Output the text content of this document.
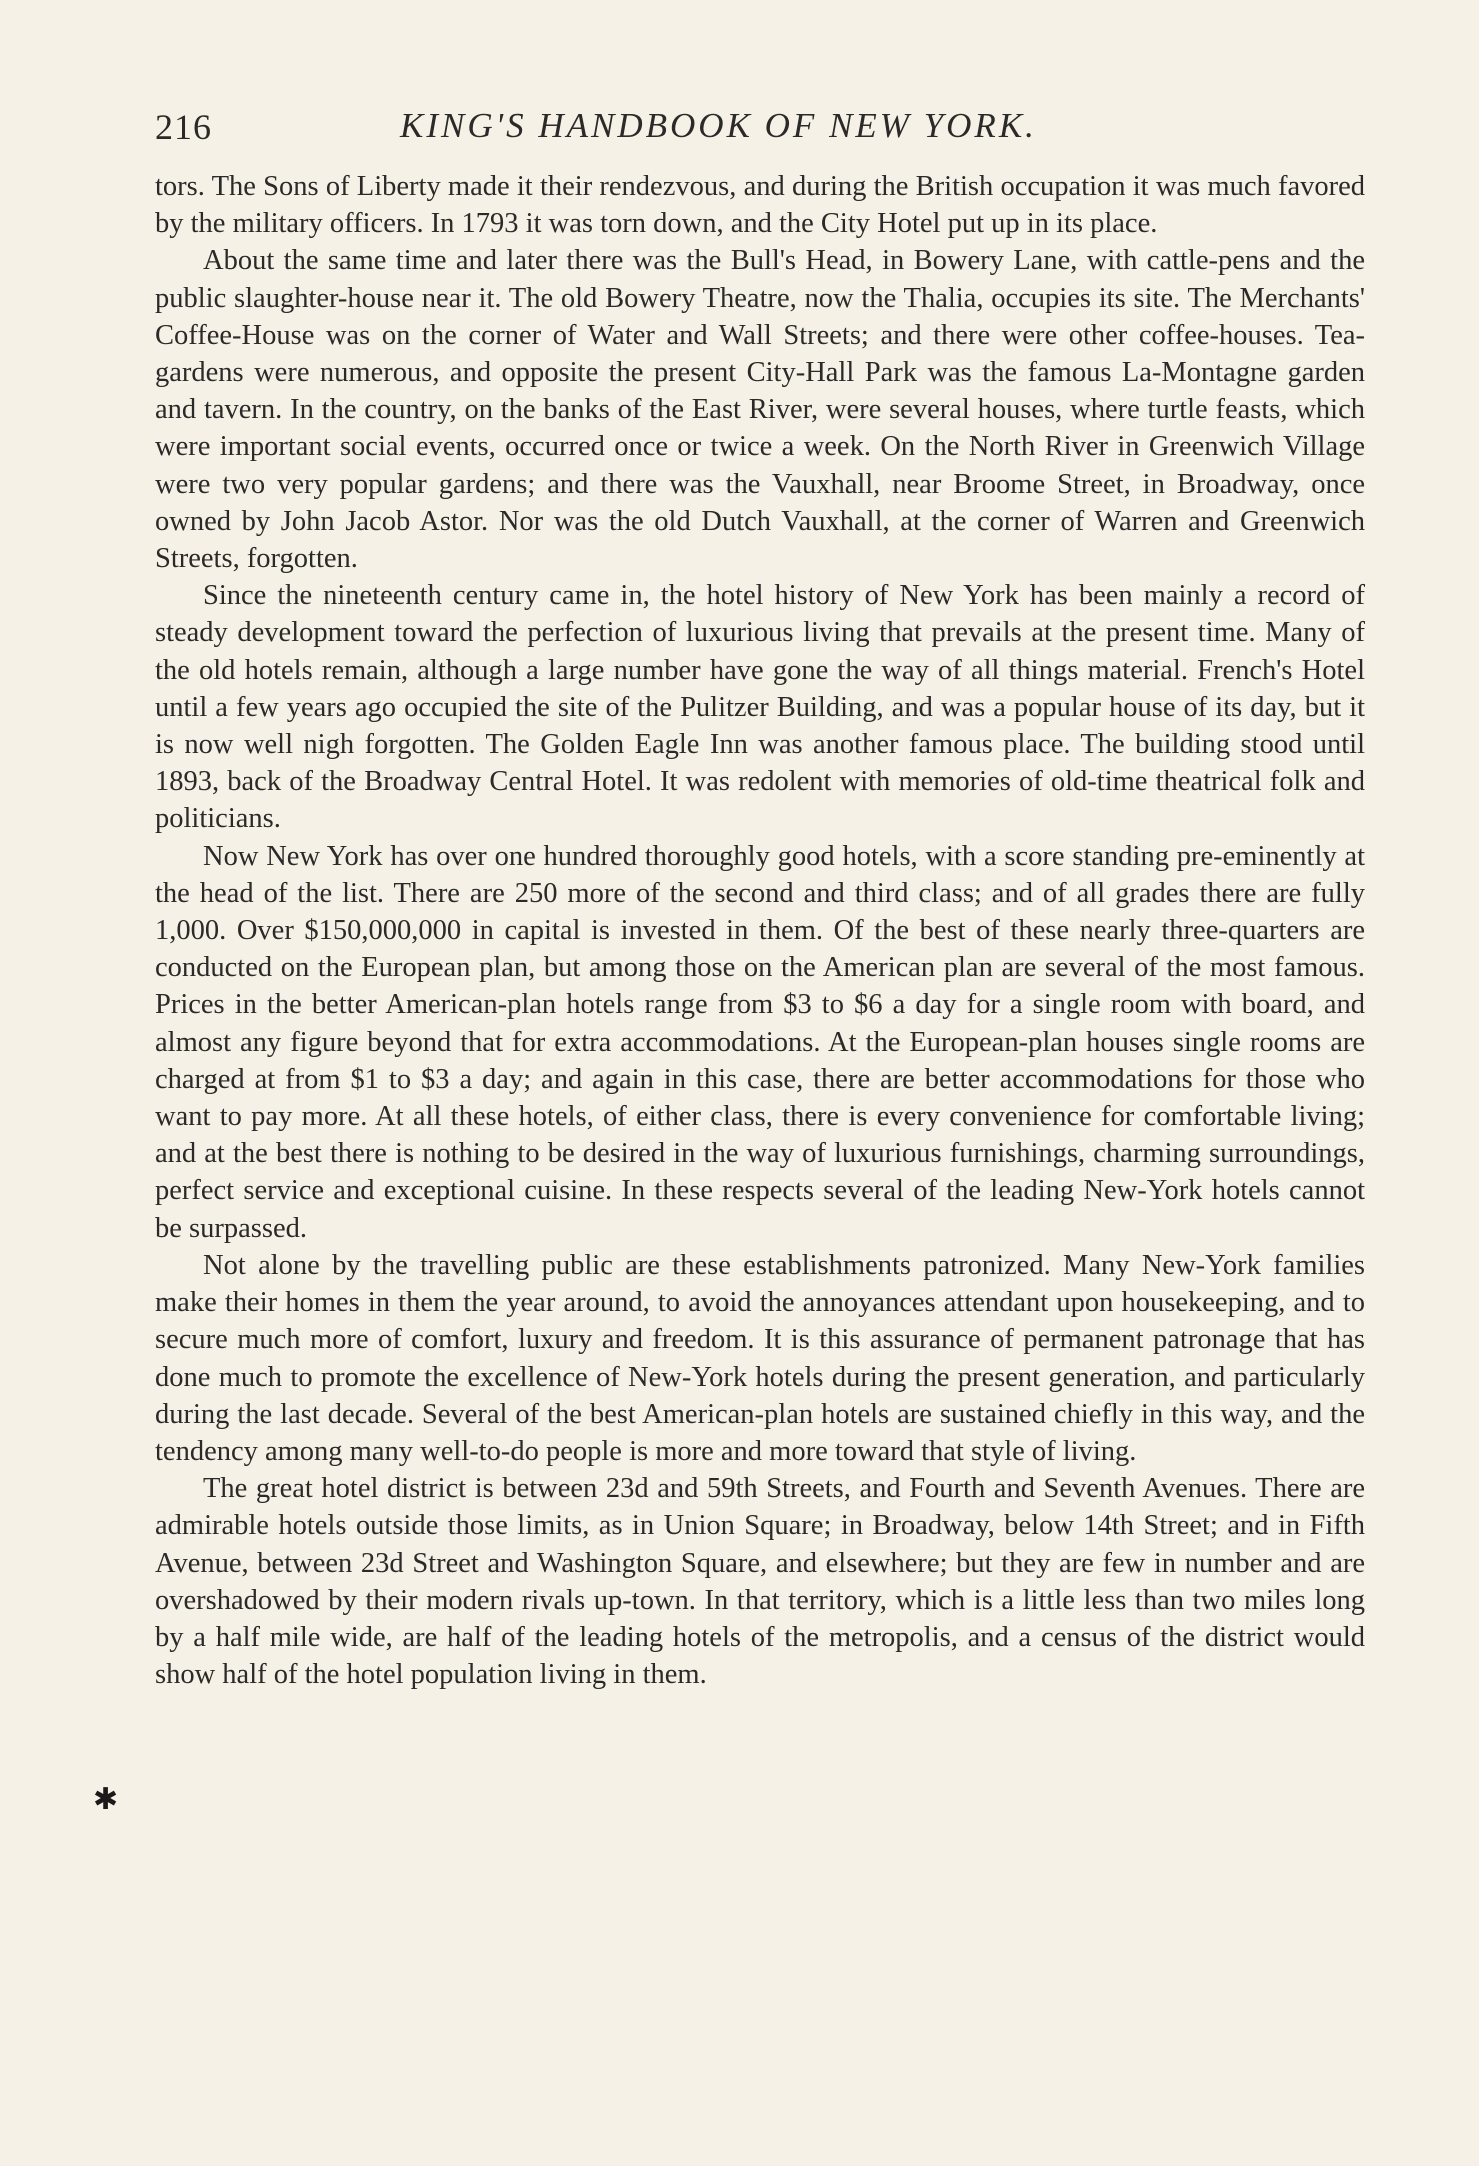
216	KING'S HANDBOOK OF NEW YORK.
✱

tors. The Sons of Liberty made it their rendezvous, and during the British occupation it was much favored by the military officers. In 1793 it was torn down, and the City Hotel put up in its place.

About the same time and later there was the Bull's Head, in Bowery Lane, with cattle-pens and the public slaughter-house near it. The old Bowery Theatre, now the Thalia, occupies its site. The Merchants' Coffee-House was on the corner of Water and Wall Streets; and there were other coffee-houses. Tea-gardens were numerous, and opposite the present City-Hall Park was the famous La-Montagne garden and tavern. In the country, on the banks of the East River, were several houses, where turtle feasts, which were important social events, occurred once or twice a week. On the North River in Greenwich Village were two very popular gardens; and there was the Vauxhall, near Broome Street, in Broadway, once owned by John Jacob Astor. Nor was the old Dutch Vauxhall, at the corner of Warren and Greenwich Streets, forgotten.

Since the nineteenth century came in, the hotel history of New York has been mainly a record of steady development toward the perfection of luxurious living that prevails at the present time. Many of the old hotels remain, although a large number have gone the way of all things material. French's Hotel until a few years ago occupied the site of the Pulitzer Building, and was a popular house of its day, but it is now well nigh forgotten. The Golden Eagle Inn was another famous place. The building stood until 1893, back of the Broadway Central Hotel. It was redolent with memories of old-time theatrical folk and politicians.

Now New York has over one hundred thoroughly good hotels, with a score standing pre-eminently at the head of the list. There are 250 more of the second and third class; and of all grades there are fully 1,000. Over $150,000,000 in capital is invested in them. Of the best of these nearly three-quarters are conducted on the European plan, but among those on the American plan are several of the most famous. Prices in the better American-plan hotels range from $3 to $6 a day for a single room with board, and almost any figure beyond that for extra accommodations. At the European-plan houses single rooms are charged at from $1 to $3 a day; and again in this case, there are better accommodations for those who want to pay more. At all these hotels, of either class, there is every convenience for comfortable living; and at the best there is nothing to be desired in the way of luxurious furnishings, charming surroundings, perfect service and exceptional cuisine. In these respects several of the leading New-York hotels cannot be surpassed.

Not alone by the travelling public are these establishments patronized. Many New-York families make their homes in them the year around, to avoid the annoyances attendant upon housekeeping, and to secure much more of comfort, luxury and freedom. It is this assurance of permanent patronage that has done much to promote the excellence of New-York hotels during the present generation, and particularly during the last decade. Several of the best American-plan hotels are sustained chiefly in this way, and the tendency among many well-to-do people is more and more toward that style of living.

The great hotel district is between 23d and 59th Streets, and Fourth and Seventh Avenues. There are admirable hotels outside those limits, as in Union Square; in Broadway, below 14th Street; and in Fifth Avenue, between 23d Street and Washington Square, and elsewhere; but they are few in number and are overshadowed by their modern rivals up-town. In that territory, which is a little less than two miles long by a half mile wide, are half of the leading hotels of the metropolis, and a census of the district would show half of the hotel population living in them.
